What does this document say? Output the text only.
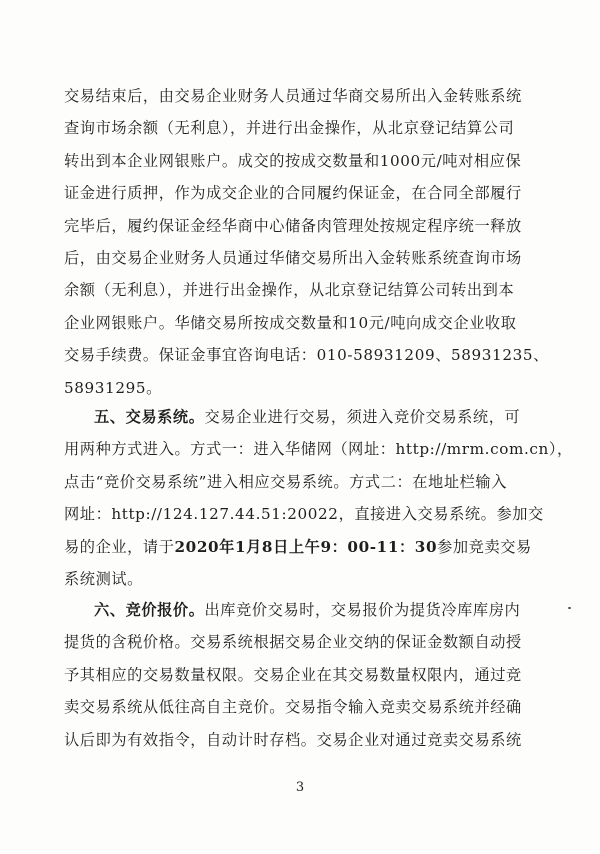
交易结束后，由交易企业财务人员通过华商交易所出入金转账系统
查询市场余额（无利息），并进行出金操作，从北京登记结算公司
转出到本企业网银账户。成交的按成交数量和1000元/吨对相应保
证金进行质押，作为成交企业的合同履约保证金，在合同全部履行
完毕后，履约保证金经华商中心储备肉管理处按规定程序统一释放
后，由交易企业财务人员通过华储交易所出入金转账系统查询市场
余额（无利息），并进行出金操作，从北京登记结算公司转出到本
企业网银账户。华储交易所按成交数量和10元/吨向成交企业收取
交易手续费。保证金事宜咨询电话：010-58931209、58931235、
58931295。
五、交易系统。交易企业进行交易，须进入竞价交易系统，可
用两种方式进入。方式一：进入华储网（网址：http://mrm.com.cn），
点击“竞价交易系统”进入相应交易系统。方式二：在地址栏输入
网址：http://124.127.44.51:20022，直接进入交易系统。参加交
易的企业，请于2020年1月8日上午9：00-11：30参加竞卖交易
系统测试。
六、竞价报价。出库竞价交易时，交易报价为提货冷库库房内
提货的含税价格。交易系统根据交易企业交纳的保证金数额自动授
予其相应的交易数量权限。交易企业在其交易数量权限内，通过竞
卖交易系统从低往高自主竞价。交易指令输入竞卖交易系统并经确
认后即为有效指令，自动计时存档。交易企业对通过竞卖交易系统
3
